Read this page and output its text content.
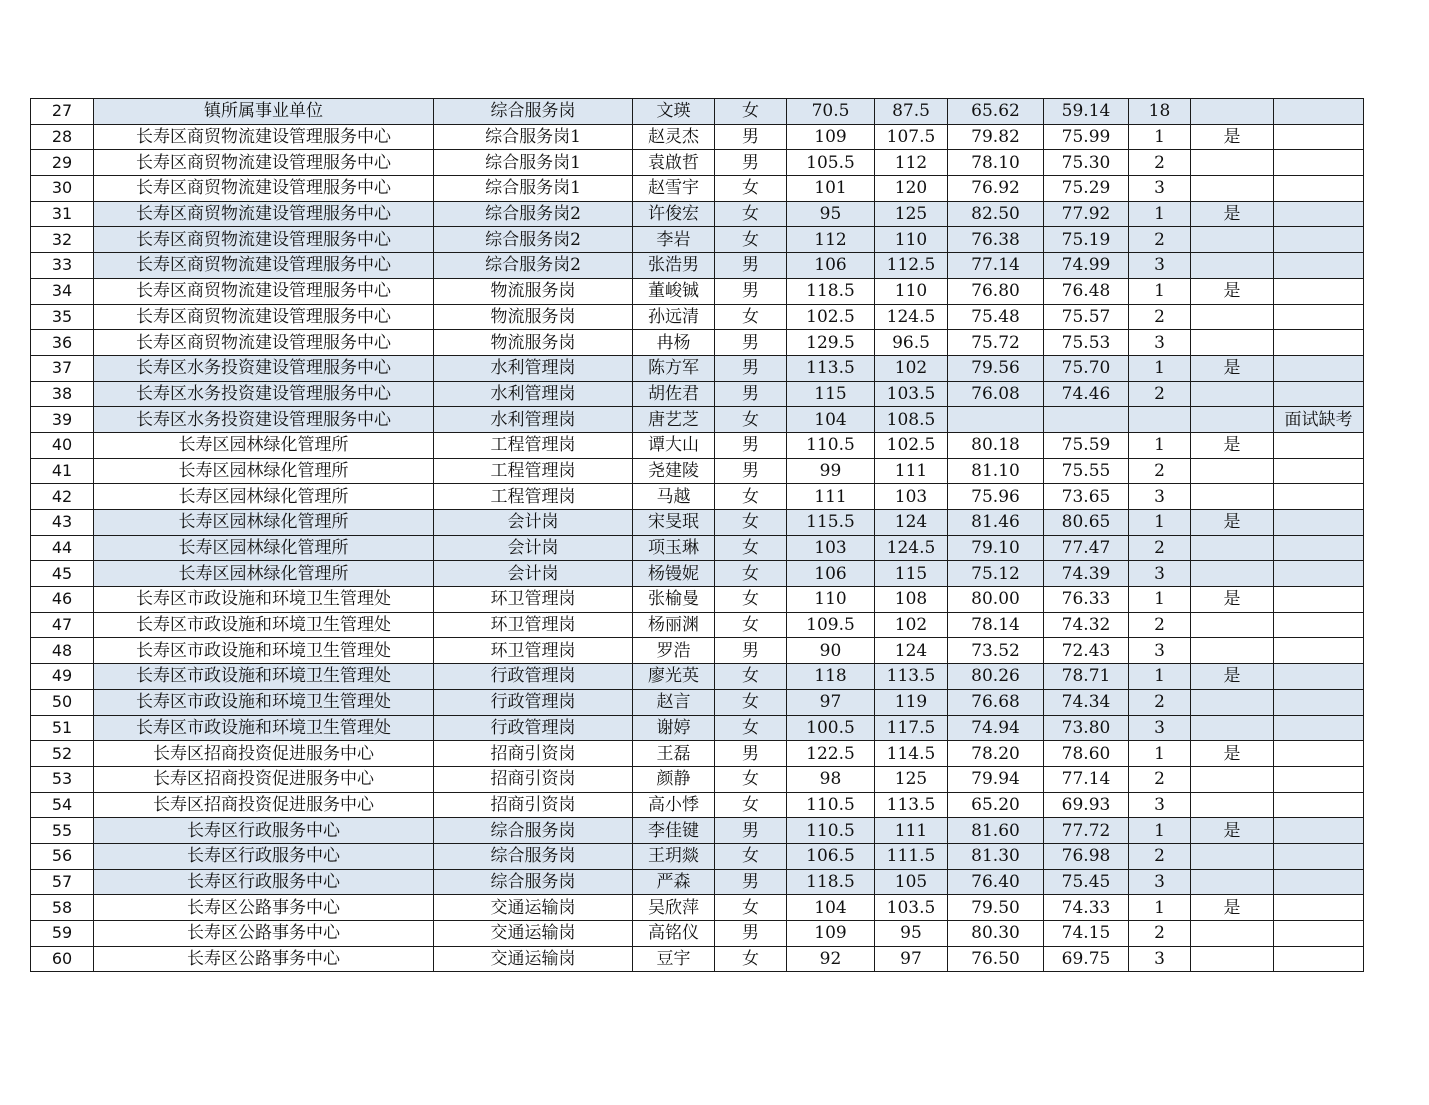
27	镇所属事业单位	综合服务岗	文瑛	女	70.5	87.5	65.62	59.14	18		
28	长寿区商贸物流建设管理服务中心	综合服务岗1	赵灵杰	男	109	107.5	79.82	75.99	1	是	
29	长寿区商贸物流建设管理服务中心	综合服务岗1	袁啟哲	男	105.5	112	78.10	75.30	2		
30	长寿区商贸物流建设管理服务中心	综合服务岗1	赵雪宇	女	101	120	76.92	75.29	3		
31	长寿区商贸物流建设管理服务中心	综合服务岗2	许俊宏	女	95	125	82.50	77.92	1	是	
32	长寿区商贸物流建设管理服务中心	综合服务岗2	李岩	女	112	110	76.38	75.19	2		
33	长寿区商贸物流建设管理服务中心	综合服务岗2	张浩男	男	106	112.5	77.14	74.99	3		
34	长寿区商贸物流建设管理服务中心	物流服务岗	董峻铖	男	118.5	110	76.80	76.48	1	是	
35	长寿区商贸物流建设管理服务中心	物流服务岗	孙远清	女	102.5	124.5	75.48	75.57	2		
36	长寿区商贸物流建设管理服务中心	物流服务岗	冉杨	男	129.5	96.5	75.72	75.53	3		
37	长寿区水务投资建设管理服务中心	水利管理岗	陈方军	男	113.5	102	79.56	75.70	1	是	
38	长寿区水务投资建设管理服务中心	水利管理岗	胡佐君	男	115	103.5	76.08	74.46	2		
39	长寿区水务投资建设管理服务中心	水利管理岗	唐艺芝	女	104	108.5					面试缺考
40	长寿区园林绿化管理所	工程管理岗	谭大山	男	110.5	102.5	80.18	75.59	1	是	
41	长寿区园林绿化管理所	工程管理岗	尧建陵	男	99	111	81.10	75.55	2		
42	长寿区园林绿化管理所	工程管理岗	马越	女	111	103	75.96	73.65	3		
43	长寿区园林绿化管理所	会计岗	宋旻珉	女	115.5	124	81.46	80.65	1	是	
44	长寿区园林绿化管理所	会计岗	项玉琳	女	103	124.5	79.10	77.47	2		
45	长寿区园林绿化管理所	会计岗	杨镘妮	女	106	115	75.12	74.39	3		
46	长寿区市政设施和环境卫生管理处	环卫管理岗	张榆曼	女	110	108	80.00	76.33	1	是	
47	长寿区市政设施和环境卫生管理处	环卫管理岗	杨丽渊	女	109.5	102	78.14	74.32	2		
48	长寿区市政设施和环境卫生管理处	环卫管理岗	罗浩	男	90	124	73.52	72.43	3		
49	长寿区市政设施和环境卫生管理处	行政管理岗	廖光英	女	118	113.5	80.26	78.71	1	是	
50	长寿区市政设施和环境卫生管理处	行政管理岗	赵言	女	97	119	76.68	74.34	2		
51	长寿区市政设施和环境卫生管理处	行政管理岗	谢婷	女	100.5	117.5	74.94	73.80	3		
52	长寿区招商投资促进服务中心	招商引资岗	王磊	男	122.5	114.5	78.20	78.60	1	是	
53	长寿区招商投资促进服务中心	招商引资岗	颜静	女	98	125	79.94	77.14	2		
54	长寿区招商投资促进服务中心	招商引资岗	高小悸	女	110.5	113.5	65.20	69.93	3		
55	长寿区行政服务中心	综合服务岗	李佳键	男	110.5	111	81.60	77.72	1	是	
56	长寿区行政服务中心	综合服务岗	王玥燚	女	106.5	111.5	81.30	76.98	2		
57	长寿区行政服务中心	综合服务岗	严森	男	118.5	105	76.40	75.45	3		
58	长寿区公路事务中心	交通运输岗	吴欣萍	女	104	103.5	79.50	74.33	1	是	
59	长寿区公路事务中心	交通运输岗	高铭仪	男	109	95	80.30	74.15	2		
60	长寿区公路事务中心	交通运输岗	豆宇	女	92	97	76.50	69.75	3		
